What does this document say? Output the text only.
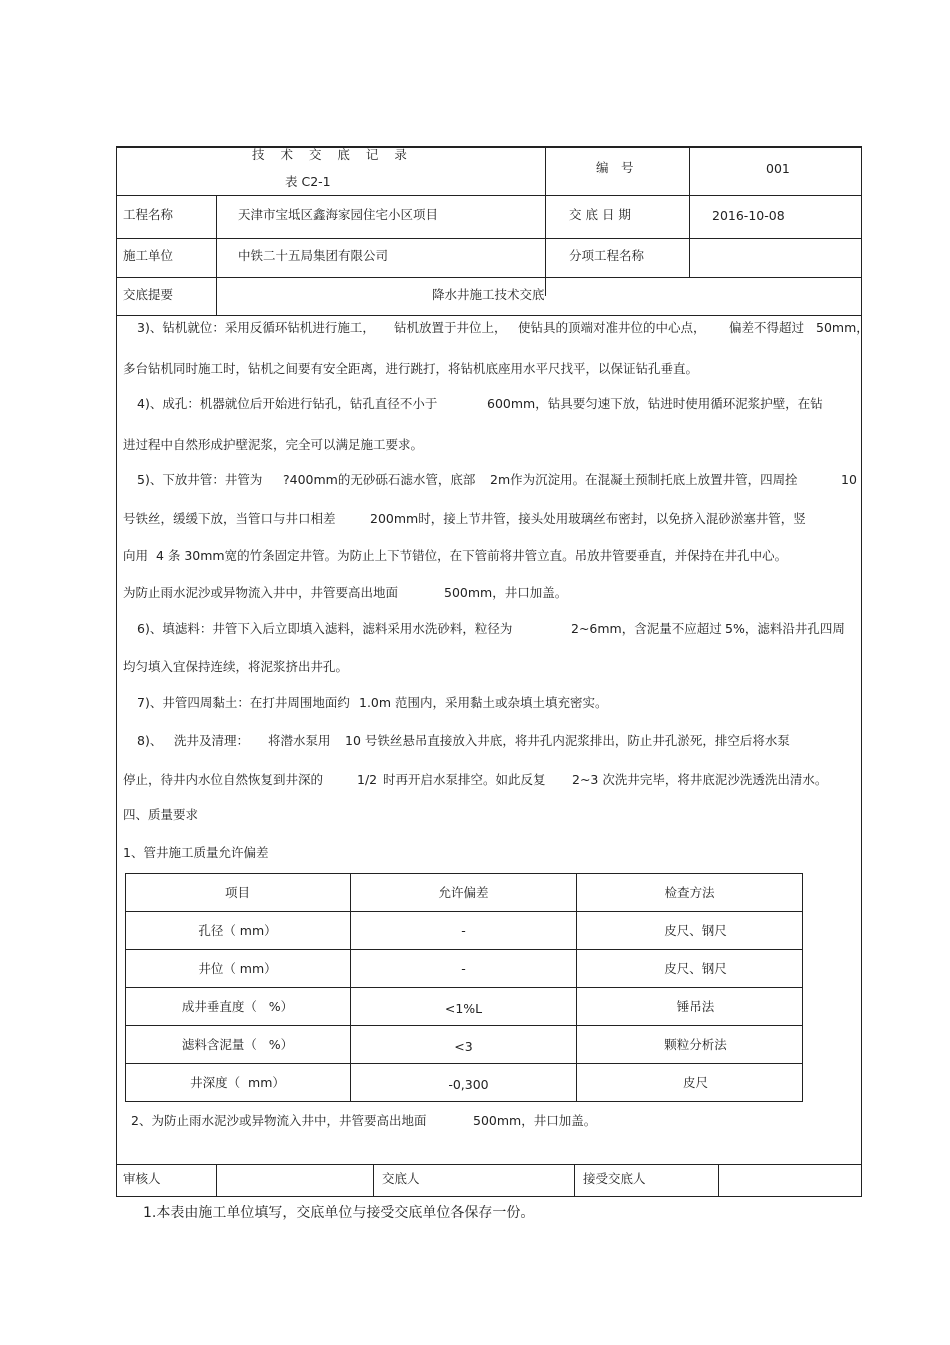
技 术 交 底 记 录
表 C2-1
编　号	001
工程名称	天津市宝坻区鑫海家园住宅小区项目	交 底 日 期	2016-10-08
施工单位	中铁二十五局集团有限公司	分项工程名称
交底提要	降水井施工技术交底
3)、钻机就位：采用反循环钻机进行施工， 钻机放置于井位上， 使钻具的顶端对准井位的中心点， 偏差不得超过 50mm，
多台钻机同时施工时，钻机之间要有安全距离，进行跳打，将钻机底座用水平尺找平，以保证钻孔垂直。
4)、成孔：机器就位后开始进行钻孔，钻孔直径不小于	600mm，钻具要匀速下放，钻进时使用循环泥浆护壁，在钻
进过程中自然形成护壁泥浆，完全可以满足施工要求。
5)、下放井管：井管为 ?400mm的无砂砾石滤水管，底部 2m作为沉淀用。在混凝土预制托底上放置井管，四周拴	10
号铁丝，缓缓下放，当管口与井口相差	200mm时，接上节井管，接头处用玻璃丝布密封，以免挤入混砂淤塞井管，竖
向用  4 条 30mm宽的竹条固定井管。为防止上下节错位，在下管前将井管立直。吊放井管要垂直，并保持在井孔中心。
为防止雨水泥沙或异物流入井中，井管要高出地面	500mm，井口加盖。
6)、填滤料：井管下入后立即填入滤料，滤料采用水洗砂料，粒径为	2~6mm，含泥量不应超过 5%，滤料沿井孔四周
均匀填入宜保持连续，将泥浆挤出井孔。
7)、井管四周黏土：在打井周围地面约 1.0m 范围内，采用黏土或杂填土填充密实。
8)、 洗井及清理： 将潜水泵用 10 号铁丝悬吊直接放入井底，将井孔内泥浆排出，防止井孔淤死，排空后将水泵
停止，待井内水位自然恢复到井深的	1/2 时再开启水泵排空。如此反复 2~3 次洗井完毕，将井底泥沙洗透洗出清水。
四、质量要求
1、管井施工质量允许偏差
项目	允许偏差	检查方法
孔径（ mm）	-	皮尺、钢尺
井位（ mm）	-	皮尺、钢尺
成井垂直度（   %）	<1%L	锤吊法
滤料含泥量（   %）	<3	颗粒分析法
井深度（  mm）	-0,300	皮尺
2、为防止雨水泥沙或异物流入井中，井管要高出地面	500mm，井口加盖。
审核人	交底人	接受交底人
1.本表由施工单位填写，交底单位与接受交底单位各保存一份。
